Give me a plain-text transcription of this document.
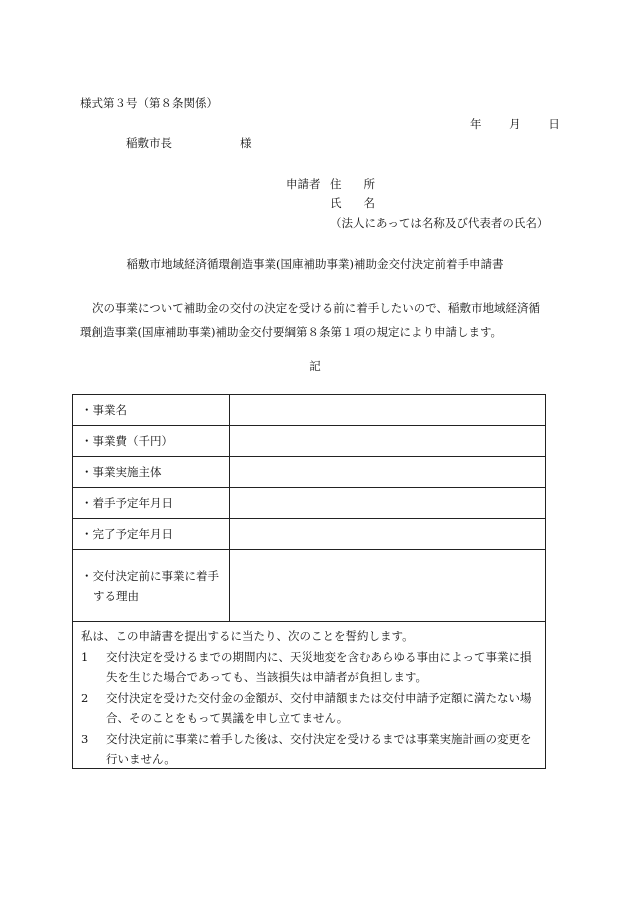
様式第３号（第８条関係）
年 月 日
稲敷市長	様
申請者 住所
氏名
（法人にあっては名称及び代表者の氏名）
稲敷市地域経済循環創造事業(国庫補助事業)補助金交付決定前着手申請書
次の事業について補助金の交付の決定を受ける前に着手したいので、稲敷市地域経済循環創造事業(国庫補助事業)補助金交付要綱第８条第１項の規定により申請します。
記
・事業名	
・事業費（千円）	
・事業実施主体	
・着手予定年月日	
・完了予定年月日	

・交付決定前に事業に着手する理由	

私は、この申請書を提出するに当たり、次のことを誓約します。
1 交付決定を受けるまでの期間内に、天災地変を含むあらゆる事由によって事業に損失を生じた場合であっても、当該損失は申請者が負担します。
2 交付決定を受けた交付金の金額が、交付申請額または交付申請予定額に満たない場合、そのことをもって異議を申し立てません。
3 交付決定前に事業に着手した後は、交付決定を受けるまでは事業実施計画の変更を行いません。
